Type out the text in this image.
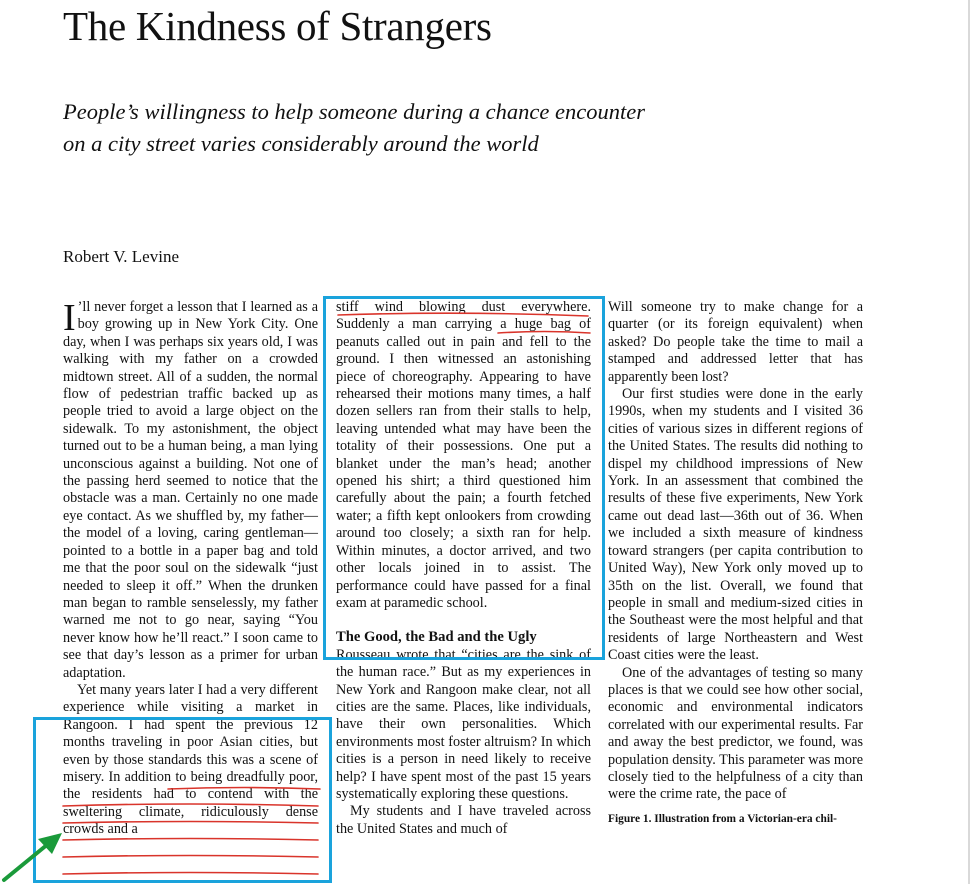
The Kindness of Strangers
People’s willingness to help someone during a chance encounter
on a city street varies considerably around the world
Robert V. Levine

I ’ll never forget a lesson that I learned as a boy growing up in New York City. One day, when I was perhaps six years old, I was walking with my father on a crowded midtown street. All of a sudden, the normal flow of pedestrian traffic backed up as people tried to avoid a large object on the sidewalk. To my astonishment, the object turned out to be a human being, a man lying unconscious against a building. Not one of the passing herd seemed to notice that the obstacle was a man. Certainly no one made eye contact. As we shuffled by, my father—the model of a loving, caring gentleman—pointed to a bottle in a paper bag and told me that the poor soul on the sidewalk “just needed to sleep it off.” When the drunken man began to ramble senselessly, my father warned me not to go near, saying “You never know how he’ll react.” I soon came to see that day’s lesson as a primer for urban adaptation.

Yet many years later I had a very different experience while visiting a market in Rangoon. I had spent the previous 12 months traveling in poor Asian cities, but even by those standards this was a scene of misery. In addition to being dreadfully poor, the residents had to contend with the sweltering climate, ridiculously dense crowds and a

stiff wind blowing dust everywhere. Suddenly a man carrying a huge bag of peanuts called out in pain and fell to the ground. I then witnessed an astonishing piece of choreography. Appearing to have rehearsed their motions many times, a half dozen sellers ran from their stalls to help, leaving untended what may have been the totality of their possessions. One put a blanket under the man’s head; another opened his shirt; a third questioned him carefully about the pain; a fourth fetched water; a fifth kept onlookers from crowding around too closely; a sixth ran for help. Within minutes, a doctor arrived, and two other locals joined in to assist. The performance could have passed for a final exam at paramedic school.

The Good, the Bad and the Ugly

Rousseau wrote that “cities are the sink of the human race.” But as my experiences in New York and Rangoon make clear, not all cities are the same. Places, like individuals, have their own personalities. Which environments most foster altruism? In which cities is a person in need likely to receive help? I have spent most of the past 15 years systematically exploring these questions.

My students and I have traveled across the United States and much of

Will someone try to make change for a quarter (or its foreign equivalent) when asked? Do people take the time to mail a stamped and addressed letter that has apparently been lost?

Our first studies were done in the early 1990s, when my students and I visited 36 cities of various sizes in different regions of the United States. The results did nothing to dispel my childhood impressions of New York. In an assessment that combined the results of these five experiments, New York came out dead last—36th out of 36. When we included a sixth measure of kindness toward strangers (per capita contribution to United Way), New York only moved up to 35th on the list. Overall, we found that people in small and medium-sized cities in the Southeast were the most helpful and that residents of large Northeastern and West Coast cities were the least.

One of the advantages of testing so many places is that we could see how other social, economic and environmental indicators correlated with our experimental results. Far and away the best predictor, we found, was population density. This parameter was more closely tied to the helpfulness of a city than were the crime rate, the pace of

Figure 1. Illustration from a Victorian-era chil-
